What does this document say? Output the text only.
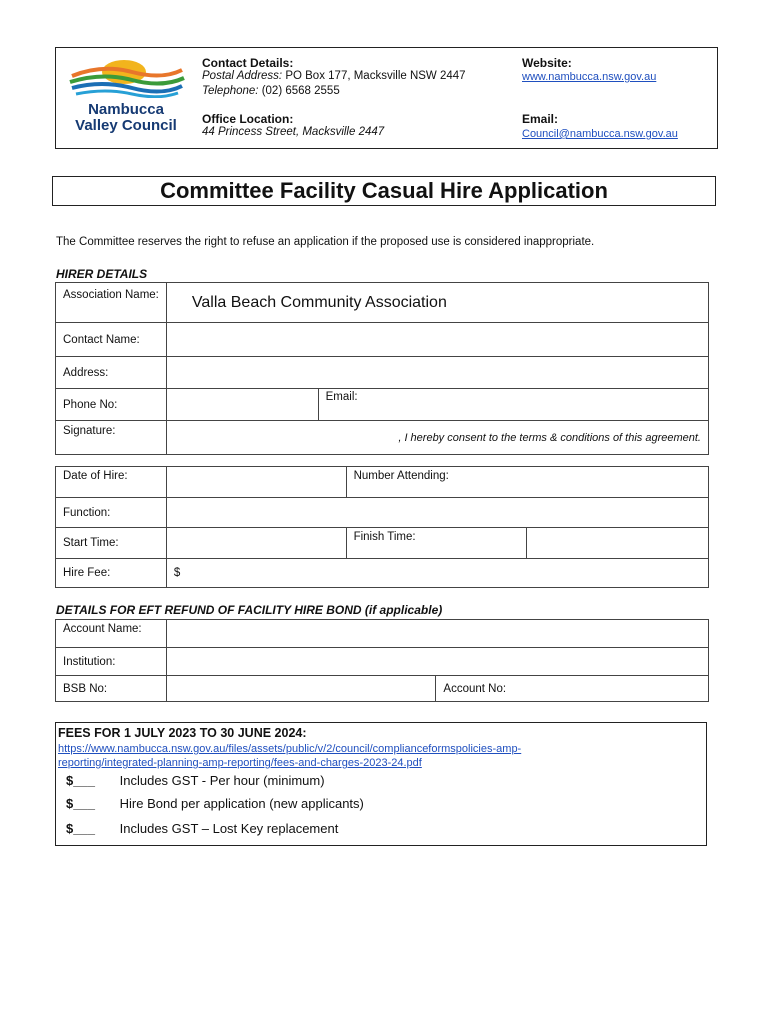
Nambucca
Valley Council
Contact Details:
Postal Address: PO Box 177, Macksville NSW 2447
Telephone: (02) 6568 2555
Office Location:
44 Princess Street, Macksville 2447
Website:
www.nambucca.nsw.gov.au
Email:
Council@nambucca.nsw.gov.au
Committee Facility Casual Hire Application
The Committee reserves the right to refuse an application if the proposed use is considered inappropriate.
HIRER DETAILS
Association Name:	Valla Beach Community Association	
Contact Name:		
Address:		
Phone No:		Email:
Signature:	, I hereby consent to the terms & conditions of this agreement.	
Date of Hire:		Number Attending:	
Function:			
Start Time:		Finish Time:	
Hire Fee:	$		
DETAILS FOR EFT REFUND OF FACILITY HIRE BOND (if applicable)
Account Name:		
Institution:		
BSB No:		Account No:
FEES FOR 1 JULY 2023 TO 30 JUNE 2024:
https://www.nambucca.nsw.gov.au/files/assets/public/v/2/council/complianceformspolicies-amp-
reporting/integrated-planning-amp-reporting/fees-and-charges-2023-24.pdf
$___ Includes GST - Per hour (minimum)
$___ Hire Bond per application (new applicants)
$___ Includes GST – Lost Key replacement
